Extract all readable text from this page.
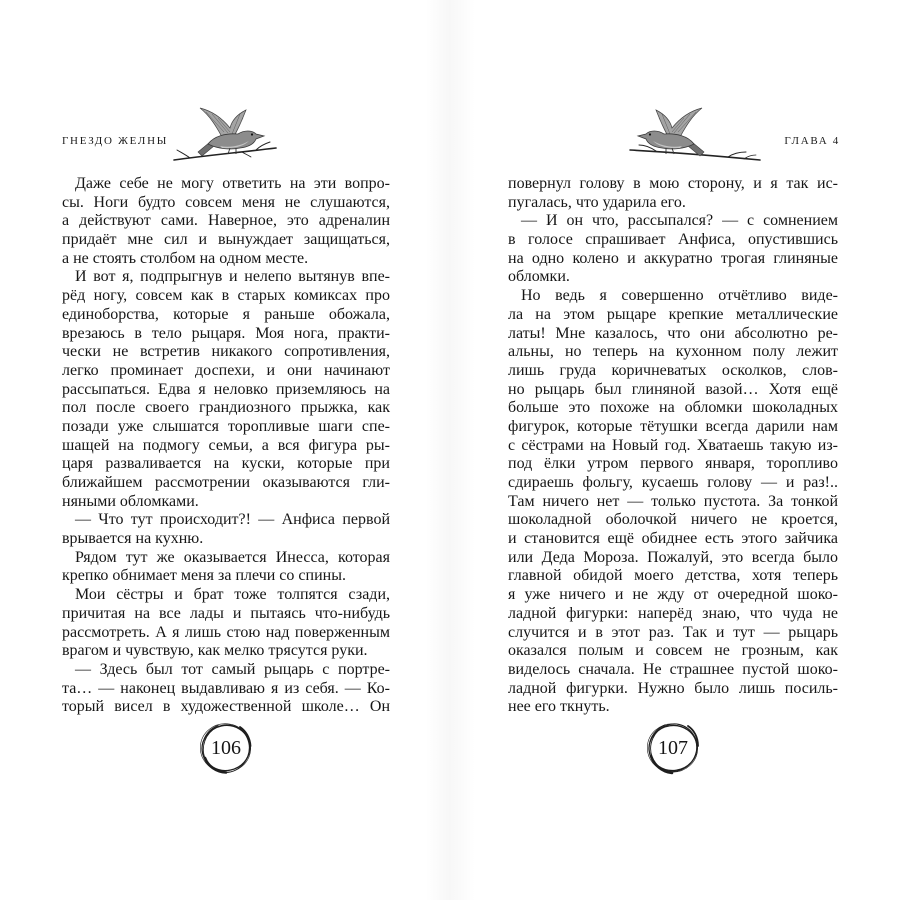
ГНЕЗДО ЖЕЛНЫ
Даже себе не могу ответить на эти вопро-
сы. Ноги будто совсем меня не слушаются,
а действуют сами. Наверное, это адреналин
придаёт мне сил и вынуждает защищаться,
а не стоять столбом на одном месте.
И вот я, подпрыгнув и нелепо вытянув впе-
рёд ногу, совсем как в старых комиксах про
единоборства, которые я раньше обожала,
врезаюсь в тело рыцаря. Моя нога, практи-
чески не встретив никакого сопротивления,
легко проминает доспехи, и они начинают
рассыпаться. Едва я неловко приземляюсь на
пол после своего грандиозного прыжка, как
позади уже слышатся торопливые шаги спе-
шащей на подмогу семьи, а вся фигура ры-
царя разваливается на куски, которые при
ближайшем рассмотрении оказываются гли-
няными обломками.
— Что тут происходит?! — Анфиса первой
врывается на кухню.
Рядом тут же оказывается Инесса, которая
крепко обнимает меня за плечи со спины.
Мои сёстры и брат тоже толпятся сзади,
причитая на все лады и пытаясь что-нибудь
рассмотреть. А я лишь стою над поверженным
врагом и чувствую, как мелко трясутся руки.
— Здесь был тот самый рыцарь с портре-
та… — наконец выдавливаю я из себя. — Ко-
торый висел в художественной школе… Он
106
ГЛАВА 4
повернул голову в мою сторону, и я так ис-
пугалась, что ударила его.
— И он что, рассыпался? — с сомнением
в голосе спрашивает Анфиса, опустившись
на одно колено и аккуратно трогая глиняные
обломки.
Но ведь я совершенно отчётливо виде-
ла на этом рыцаре крепкие металлические
латы! Мне казалось, что они абсолютно ре-
альны, но теперь на кухонном полу лежит
лишь груда коричневатых осколков, слов-
но рыцарь был глиняной вазой… Хотя ещё
больше это похоже на обломки шоколадных
фигурок, которые тётушки всегда дарили нам
с сёстрами на Новый год. Хватаешь такую из-
под ёлки утром первого января, торопливо
сдираешь фольгу, кусаешь голову — и раз!..
Там ничего нет — только пустота. За тонкой
шоколадной оболочкой ничего не кроется,
и становится ещё обиднее есть этого зайчика
или Деда Мороза. Пожалуй, это всегда было
главной обидой моего детства, хотя теперь
я уже ничего и не жду от очередной шоко-
ладной фигурки: наперёд знаю, что чуда не
случится и в этот раз. Так и тут — рыцарь
оказался полым и совсем не грозным, как
виделось сначала. Не страшнее пустой шоко-
ладной фигурки. Нужно было лишь посиль-
нее его ткнуть.
107
